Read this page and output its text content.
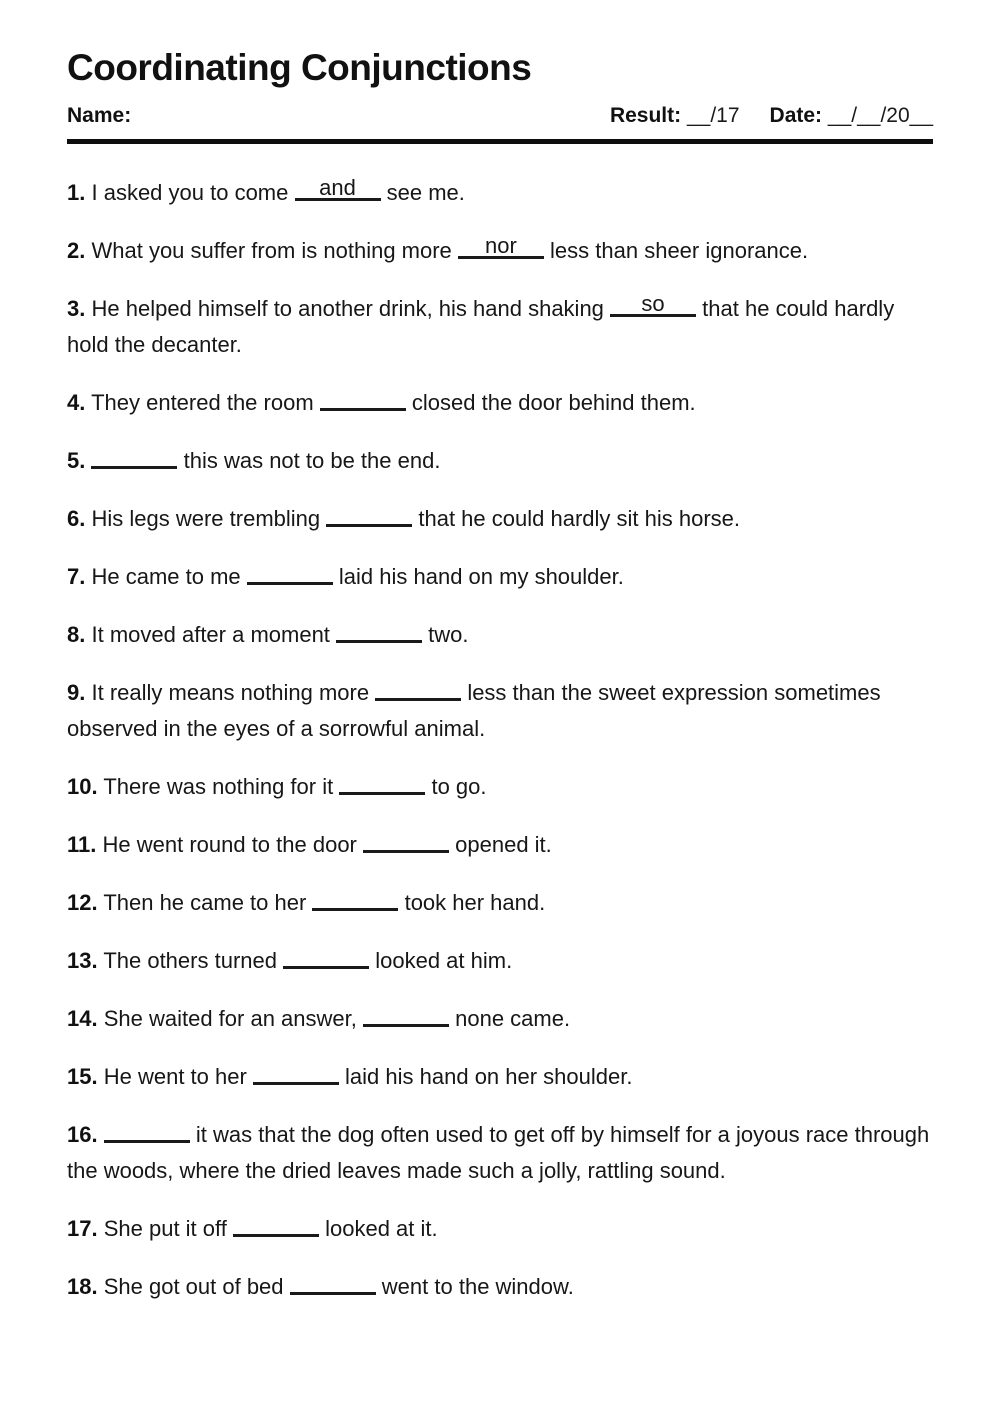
Coordinating Conjunctions
Name:	Result: __/17 Date: __/__/20__

1. I asked you to come and see me.

2. What you suffer from is nothing more nor less than sheer ignorance.

3. He helped himself to another drink, his hand shaking so that he could hardly hold the decanter.

4. They entered the room	closed the door behind them.

5.	this was not to be the end.

6. His legs were trembling	that he could hardly sit his horse.

7. He came to me	laid his hand on my shoulder.

8. It moved after a moment	two.

9. It really means nothing more	less than the sweet expression sometimes observed in the eyes of a sorrowful animal.

10. There was nothing for it	to go.

11. He went round to the door	opened it.

12. Then he came to her	took her hand.

13. The others turned	looked at him.

14. She waited for an answer,	none came.

15. He went to her	laid his hand on her shoulder.

16.	it was that the dog often used to get off by himself for a joyous race through the woods, where the dried leaves made such a jolly, rattling sound.

17. She put it off	looked at it.

18. She got out of bed	went to the window.
